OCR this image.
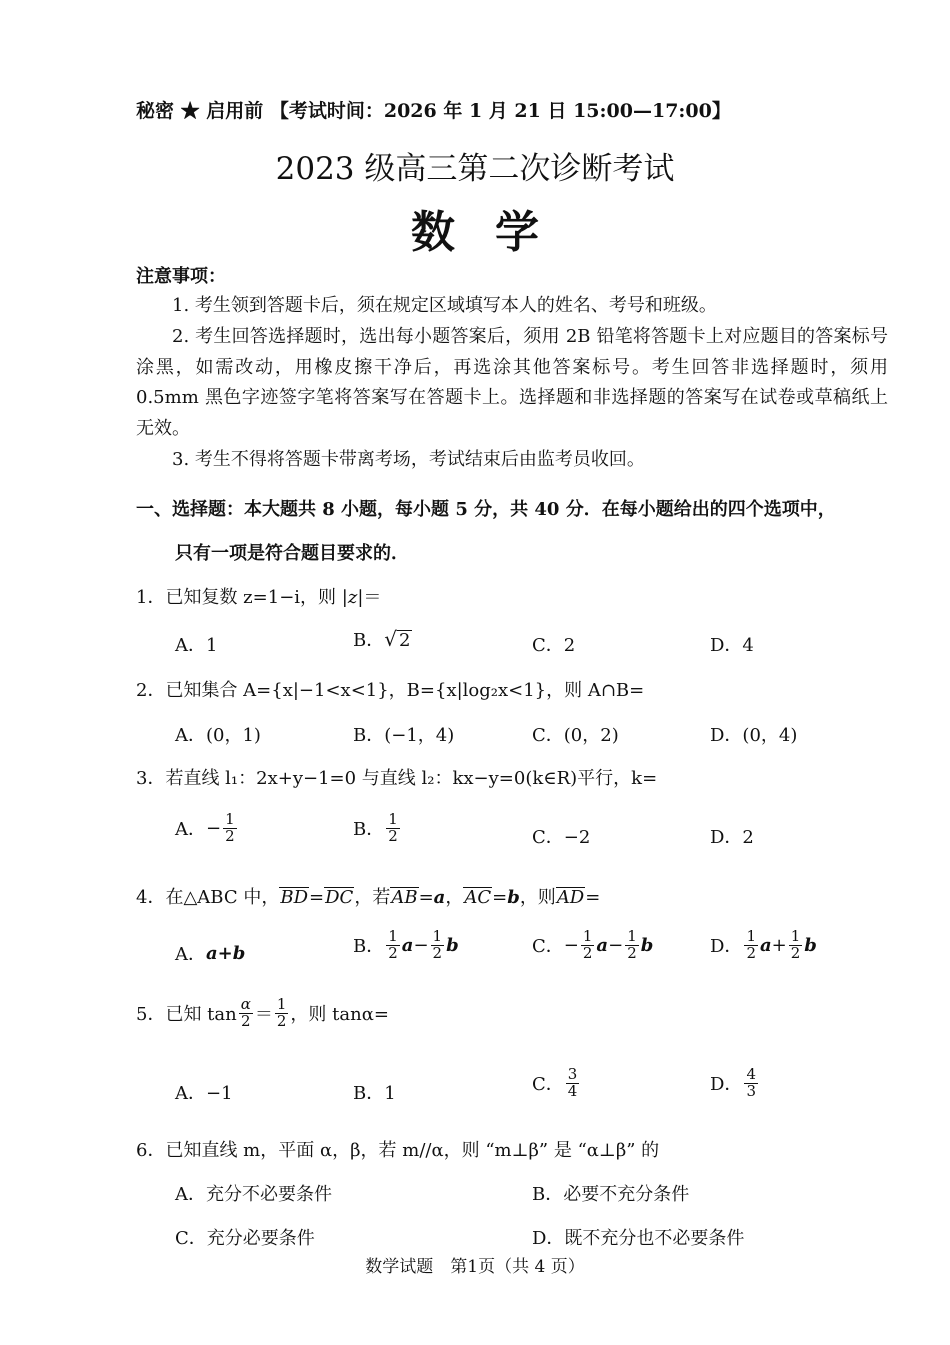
秘密 ★ 启用前 【考试时间：2026 年 1 月 21 日 15:00—17:00】
2023 级高三第二次诊断考试
数学
注意事项：

1. 考生领到答题卡后，须在规定区域填写本人的姓名、考号和班级。

2. 考生回答选择题时，选出每小题答案后，须用 2B 铅笔将答题卡上对应题目的答案标号涂黑，如需改动，用橡皮擦干净后，再选涂其他答案标号。考生回答非选择题时，须用 0.5mm 黑色字迹签字笔将答案写在答题卡上。选择题和非选择题的答案写在试卷或草稿纸上无效。

3. 考生不得将答题卡带离考场，考试结束后由监考员收回。

一、选择题：本大题共 8 小题，每小题 5 分，共 40 分．在每小题给出的四个选项中，
只有一项是符合题目要求的．
1．已知复数 z=1−i，则 |z|＝
A．1	B． √ 2	C．2	D．4
2．已知集合 A={x|−1<x<1}，B={x|log₂x<1}，则 A∩B=
A．(0，1)	B．(−1，4)	C．(0，2)	D．(0，4)
3．若直线 l₁：2x+y−1=0 与直线 l₂：kx−y=0(k∈R)平行，k=
A． − $\frac{1}{2}$	B． $\frac{1}{2}$	C．−2	D．2
4．在△ABC 中，BD=DC，若AB=a，AC=b，则AD=
A． a+b	B． $\frac{1}{2}$ $a - \frac{1}{2}$ b	C． − $\frac{1}{2}$ $a - \frac{1}{2}$ b	D． $\frac{1}{2}$ $a + \frac{1}{2}$ b
5．已知 $\tan \frac{\alpha}{2} = \frac{1}{2}$ ，则 tanα=
A．−1	B．1	C． $\frac{3}{4}$	D． $\frac{4}{3}$
6．已知直线 m，平面 α，β，若 m//α，则 “m⊥β” 是 “α⊥β” 的
A．充分不必要条件	B．必要不充分条件
C．充分必要条件	D．既不充分也不必要条件
数学试题　第1页（共 4 页）
